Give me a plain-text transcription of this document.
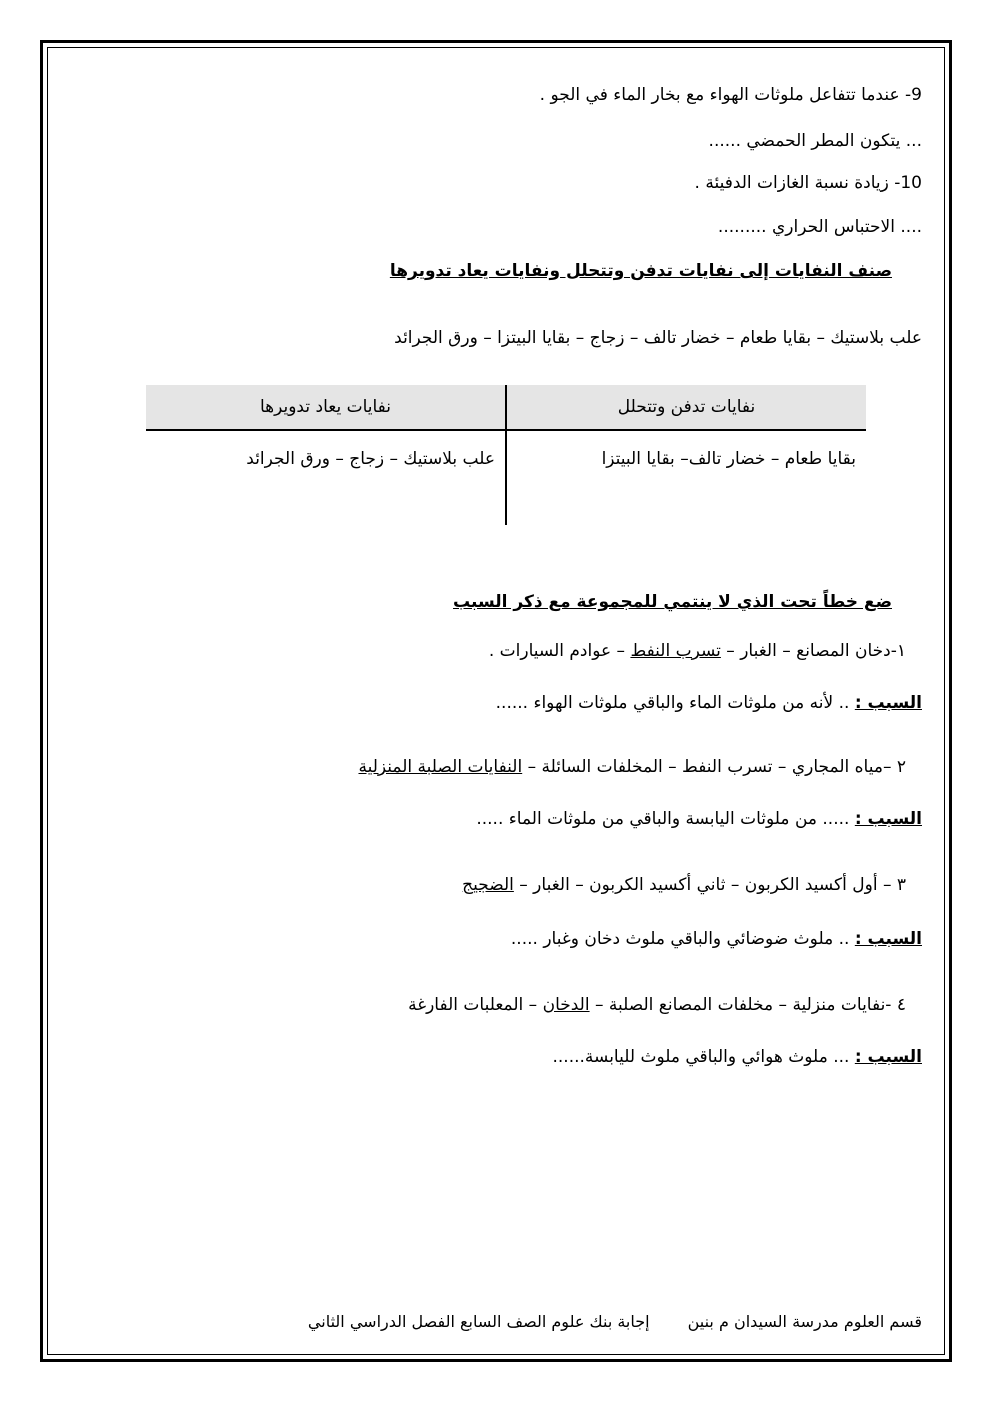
9- عندما تتفاعل ملوثات الهواء مع بخار الماء في الجو .
... يتكون المطر الحمضي ......
10- زيادة نسبة الغازات الدفيئة .
.... الاحتباس الحراري .........
صنف النفايات إلى نفايات تدفن وتتحلل ونفايات يعاد تدويرها
علب بلاستيك – بقايا طعام – خضار تالف – زجاج – بقايا البيتزا – ورق الجرائد
نفايات تدفن وتتحلل	نفايات يعاد تدويرها
بقايا طعام – خضار تالف– بقايا البيتزا	علب بلاستيك – زجاج – ورق الجرائد
ضع خطاً تحت الذي لا ينتمي للمجموعة مع ذكر السبب
١-دخان المصانع – الغبار – تسرب النفط – عوادم السيارات .
السبب : .. لأنه من ملوثات الماء والباقي ملوثات الهواء ......
٢ –مياه المجاري – تسرب النفط – المخلفات السائلة – النفايات الصلبة المنزلية
السبب : ..... من ملوثات اليابسة والباقي من ملوثات الماء .....
٣ – أول أكسيد الكربون – ثاني أكسيد الكربون – الغبار – الضجيج
السبب : .. ملوث ضوضائي والباقي ملوث دخان وغبار .....
٤ -نفايات منزلية – مخلفات المصانع الصلبة – الدخان – المعلبات الفارغة
السبب : ... ملوث هوائي والباقي ملوث لليابسة......
قسم العلوم مدرسة السيدان م بنينإجابة بنك علوم الصف السابع الفصل الدراسي الثاني
